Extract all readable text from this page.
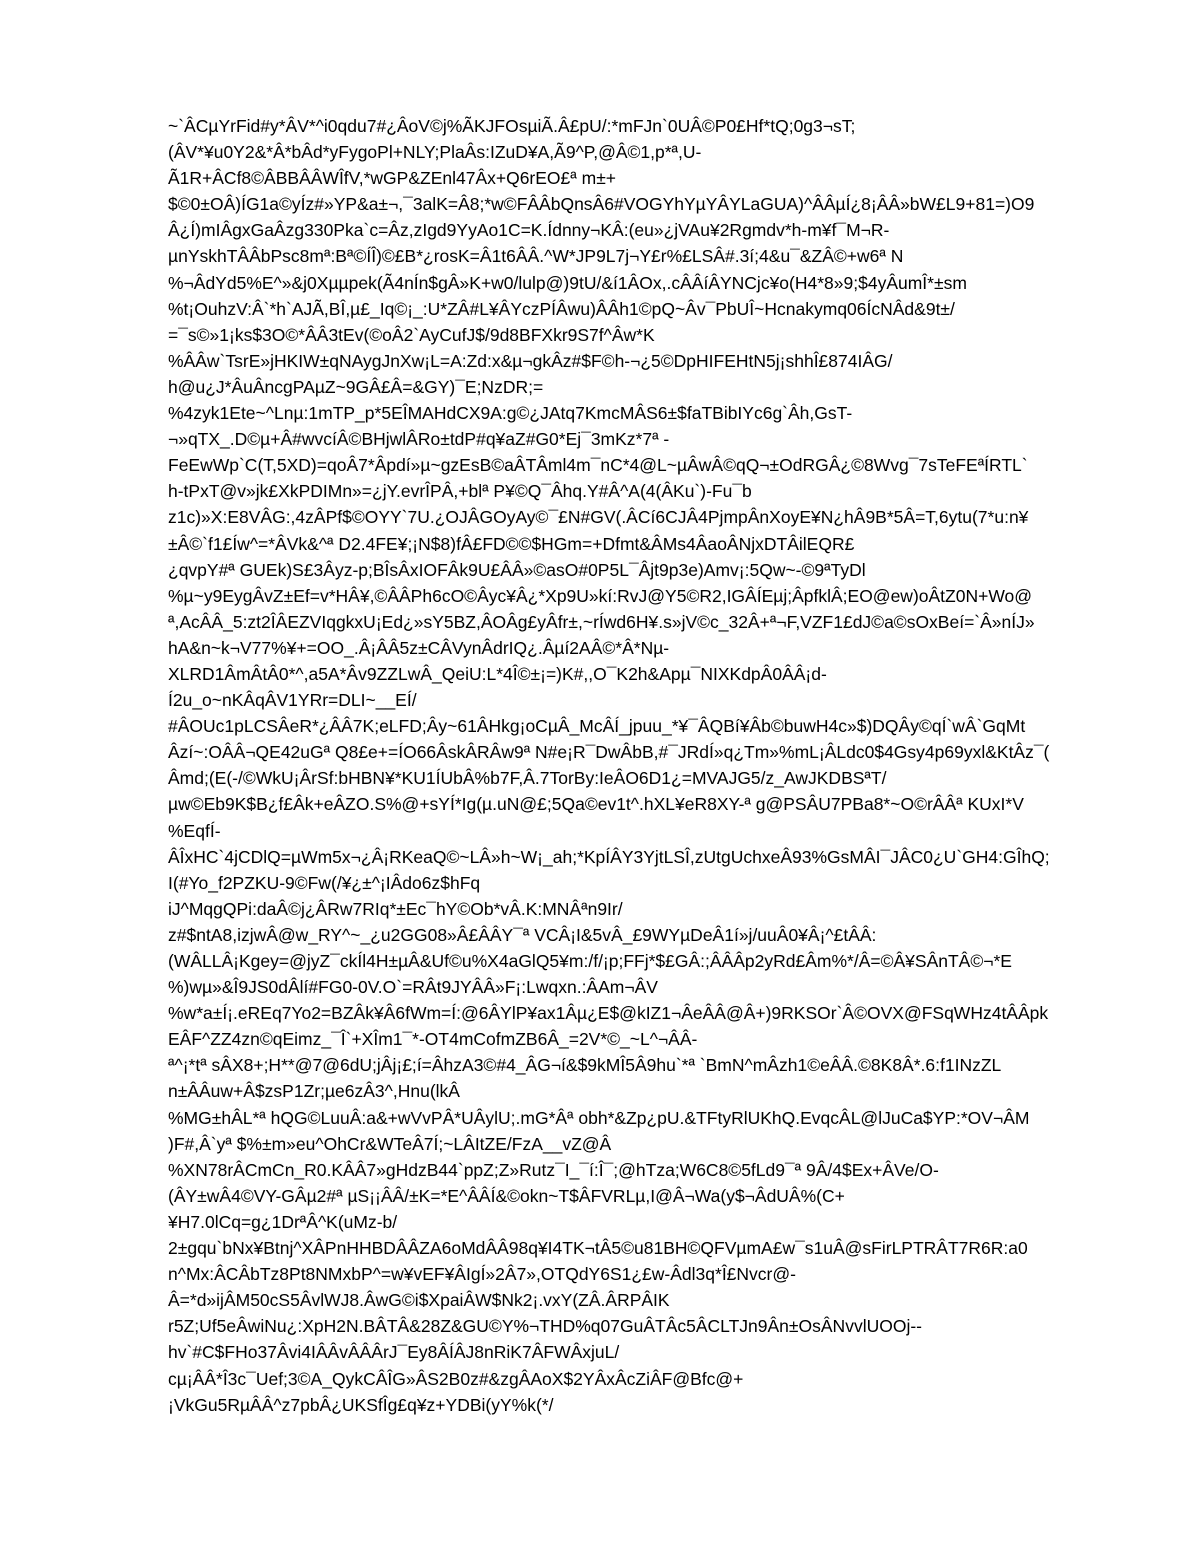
~`ÂCµYrFid#y*ÂV*^i0qdu7#¿ÂoV©j%ÃKJFOsµiÃ.Â£pU/:*mFJn`0UÂ©P0£Hf*tQ;0g3¬sT;
(ÂV*¥u0Y2&*Â*bÂd*yFygoPl+NLY;PlaÂs:IZuD¥A,Ã9^P,@Â©1,p*ª,U-
Ã1R+ÂCf8©ÂBBÂÂWÎfV,*wGP&ZEnl47Âx+Q6rEO£ª m±+
$©0±OÂ)ÍG1a©yÍz#»YP&a±¬,¯3alK=Â8;*w©FÂÂbQnsÂ6#VOGYhYµYÂYLaGUA)^ÂÂµÍ¿8¡ÂÂ»bW£L9+81=)O9
Â¿Í)mIÂgxGaÂzg330Pka`c=Âz,zIgd9YyAo1C=K.Ídnny¬KÂ:(eu»¿jVAu¥2Rgmdv*h-m¥f¯M¬R-
µnYskhTÂÂbPsc8mª:Bª©ÍÎ)©£B*¿rosK=Â1t6ÂÂ.^W*JP9L7j¬Y£r%£LSÂ#.3í;4&u¯&ZÂ©+w6ª N
%¬ÂdYd5%E^»&j0Xµµpek(Ã4nÍn$gÂ»K+w0/lulp@)9tU/&í1ÂOx,.cÂÂíÂYNCjc¥o(H4*8»9;$4yÂumÎ*±sm
%t¡OuhzV:Â`*h`AJÃ,BÎ,µ£_Iq©¡_:U*ZÂ#L¥ÂYczPÍÂwu)ÂÂh1©pQ~Âv¯PbUÎ~Hcnakymq06ÍcNÂd&9t±/
=¯s©»1¡ks$3O©*ÂÂ3tEv(©oÂ2`AyCufJ$/9d8BFXkr9S7f^Âw*K
%ÂÂw`TsrE»jHKIW±qNAygJnXw¡L=A:Zd:x&µ¬gkÂz#$F©h-¬¿5©DpHIFEHtN5j¡shhÎ£874IÂG/
h@u¿J*ÂuÂncgPAµZ~9GÂ£Â=&GY)¯E;NzDR;=
%4zyk1Ete~^Lnµ:1mTP_p*5EÎMAHdCX9A:g©¿JAtq7KmcMÂS6±$faTBibIYc6g`Âh,GsT-
¬»qTX_.D©µ+Â#wvcíÂ©BHjwlÂRo±tdP#q¥aZ#G0*Ej¯3mKz*7ª -
FeEwWp`C(T,5XD)=qoÂ7*Âpdí»µ~gzEsB©aÂTÂml4m¯nC*4@L~µÂwÂ©qQ¬±OdRGÂ¿©8Wvg¯7sTeFEªÍRTL`
h-tPxT@v»jk£XkPDIMn»=¿jY.evrÎPÂ,+blª P¥©Q¯Âhq.Y#Â^A(4(ÂKu`)-Fu¯b
z1c)»X:E8VÂG:,4zÂPf$©OYY`7U.¿OJÂGOyAy©¯£N#GV(.ÂCí6CJÂ4PjmpÂnXoyE¥N¿hÂ9B*5Â=T,6ytu(7*u:n¥
±Â©`f1£Íw^=*ÂVk&^ª D2.4FE¥;¡N$8)fÂ£FD©©$HGm=+Dfmt&ÂMs4ÂaoÂNjxDTÂilEQR£
¿qvpY#ª GUEk)S£3Âyz-p;BÎsÂxIOFÂk9U£ÂÂ»©asO#0P5L¯Âjt9p3e)Amv¡:5Qw~-©9ªTyDl
%µ~y9EygÂvZ±Ef=v*HÂ¥,©ÂÂPh6cO©Âyc¥Â¿*Xp9U»kí:RvJ@Y5©R2,IGÂÍEµj;ÂpfklÂ;EO@ew)oÂtZ0N+Wo@
ª,AcÂÂ_5:zt2ÎÂEZVIqgkxU¡Ed¿»sY5BZ,ÂOÂg£yÂfr±,~rÍwd6H¥.s»jV©c_32Â+ª¬F,VZF1£dJ©a©sOxBeí=`Â»nÍJ»
hA&n~k¬V77%¥+=OO_.Â¡ÂÂ5z±CÂVynÂdrIQ¿.Âµí2AÂ©*Â*Nµ-
XLRD1ÂmÂtÂ0*^,a5A*Âv9ZZLwÂ_QeiU:L*4Î©±¡=)K#,,O¯K2h&Apµ¯NIXKdpÂ0ÂÂ¡d-
Í2u_o~nKÂqÂV1YRr=DLI~__EÍ/
#ÂOUc1pLCSÂeR*¿ÂÂ7K;eLFD;Ây~61ÂHkg¡oCµÂ_McÂÍ_jpuu_*¥¯ÂQBí¥Âb©buwH4c»$)DQÂy©qÍ`wÂ`GqMt
Âzí~:OÂÂ¬QE42uGª Q8£e+=ÍO66ÂskÂRÂw9ª N#e¡R¯DwÂbB,#¯JRdÍ»q¿Tm»%mL¡ÂLdc0$4Gsy4p69yxl&KtÂz¯(
Âmd;(E(-/©WkU¡ÂrSf:bHBN¥*KU1ÍUbÂ%b7F,Â.7TorBy:IeÂO6D1¿=MVAJG5/z_AwJKDBSªT/
µw©Eb9K$B¿f£Âk+eÂZO.S%@+sYÍ*Ig(µ.uN@£;5Qa©ev1t^.hXL¥eR8XY-ª g@PSÂU7PBa8*~O©rÂÂª KUxI*V
%EqfÍ-
ÂÎxHC`4jCDlQ=µWm5x¬¿Â¡RKeaQ©~LÂ»h~W¡_ah;*KpÍÂY3YjtLSÎ,zUtgUchxeÂ93%GsMÂI¯JÂC0¿U`GH4:GÎhQ;
I(#Yo_f2PZKU-9©Fw(/¥¿±^¡IÂdo6z$hFq
iJ^MqgQPi:daÂ©j¿ÂRw7RIq*±Ec¯hY©Ob*vÂ.K:MNÂªn9Ir/
z#$ntA8,izjwÂ@w_RY^~_¿u2GG08»Â£ÂÂY¯ª VCÂ¡I&5vÂ_£9WYµDeÂ1í»j/uuÂ0¥Â¡^£tÂÂ:
(WÂLLÂ¡Kgey=@jyZ¯ckÍl4H±µÂ&Uf©u%X4aGlQ5¥m:/f/¡p;FFj*$£GÂ:;ÂÂÂp2yRd£Âm%*/Â=©Â¥SÂnTÂ©¬*E
%)wµ»&Î9JS0dÂlí#FG0-0V.O`=RÂt9JYÂÂ»F¡:Lwqxn.:ÂAm¬ÂV
%w*a±Í¡.eREq7Yo2=BZÂk¥Â6fWm=Í:@6ÂYlP¥ax1Âµ¿E$@kIZ1¬ÂeÂÂ@Â+)9RKSOr`Â©OVX@FSqWHz4tÂÂpk
EÂF^ZZ4zn©qEimz_¯Î`+XÎm1¯*-OT4mCofmZB6Â_=2V*©_~L^¬ÂÂ-
ª^¡*tª sÂX8+;H**@7@6dU;jÂj¡£;í=ÂhzA3©#4_ÂG¬í&$9kMÎ5Â9hu`*ª `BmN^mÂzh1©eÂÂ.©8K8Â*.6:f1INzZL
n±ÂÂuw+Â$zsP1Zr;µe6zÂ3^,Hnu(lkÂ
%MG±hÂL*ª hQG©LuuÂ:a&+wVvPÂ*UÂylU;.mG*Âª obh*&Zp¿pU.&TFtyRlUKhQ.EvqcÂL@lJuCa$YP:*OV¬ÂM
)F#,Â`yª $%±m»eu^OhCr&WTeÂ7Í;~LÂItZE/FzA__vZ@Â
%XN78rÂCmCn_R0.KÂÂ7»gHdzB44`ppZ;Z»Rutz¯I_¯í:Î¯;@hTza;W6C8©5fLd9¯ª 9Â/4$Ex+ÂVe/O-
(ÂY±wÂ4©VY-GÂµ2#ª µS¡¡ÂÂ/±K=*E^ÂÂÍ&©okn~T$ÂFVRLµ,I@Â¬Wa(y$¬ÂdUÂ%(C+
¥H7.0lCq=g¿1DrªÂ^K(uMz-b/
2±gqu`bNx¥Btnj^XÂPnHHBDÂÂZA6oMdÂÂ98q¥I4TK¬tÂ5©u81BH©QFVµmA£w¯s1uÂ@sFirLPTRÂT7R6R:a0
n^Mx:ÂCÂbTz8Pt8NMxbP^=w¥vEF¥ÂIgÍ»2Â7»,OTQdY6S1¿£w-Âdl3q*Î£Nvcr@-
Â=*d»ijÂM50cS5ÂvlWJ8.ÂwG©i$XpaiÂW$Nk2¡.vxY(ZÂ.ÂRPÂIK
r5Z;Uf5eÂwiNu¿:XpH2N.BÂTÂ&28Z&GU©Y%¬THD%q07GuÂTÂc5ÂCLTJn9Ân±OsÂNvvlUOOj--
hv`#C$FHo37Âvi4IÂÂvÂÂÂrJ¯Ey8ÂÍÂJ8nRiK7ÂFWÂxjuL/
cµ¡ÂÂ*Î3c¯Uef;3©A_QykCÂÎG»ÂS2B0z#&zgÂAoX$2YÂxÂcZiÂF@Bfc@+
¡VkGu5RµÂÂ^z7pbÂ¿UKSfÎg£q¥z+YDBi(yY%k(*/
